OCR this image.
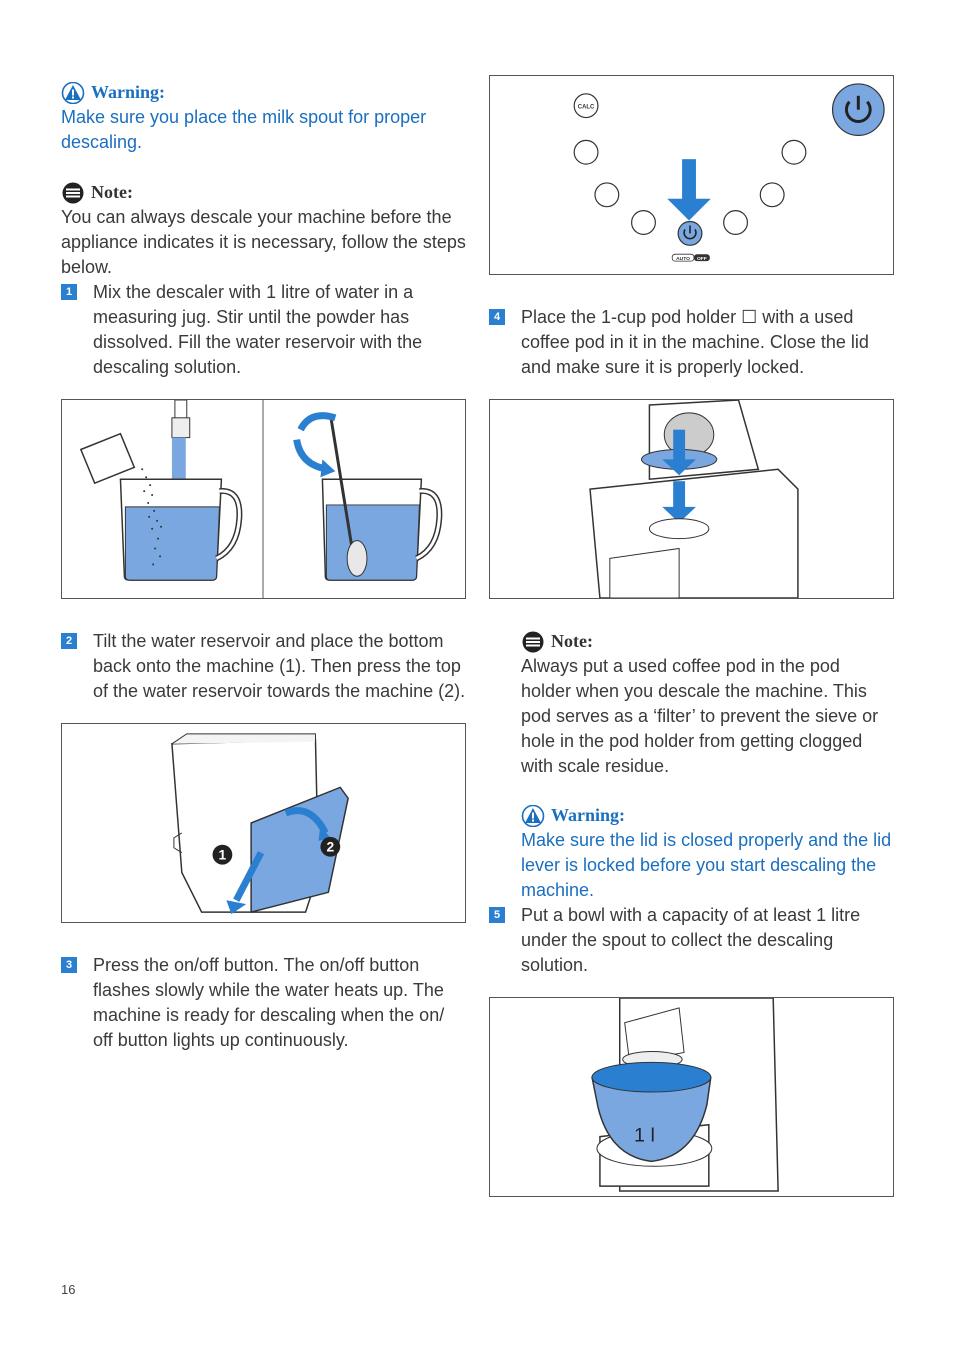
Warning:
Make sure you place the milk spout for proper descaling.
Note:
You can always descale your machine before the appliance indicates it is necessary, follow the steps below.
1 Mix the descaler with 1 litre of water in a measuring jug. Stir until the powder has dissolved. Fill the water reservoir with the descaling solution.
2 Tilt the water reservoir and place the bottom back onto the machine (1). Then press the top of the water reservoir towards the machine (2).
1	2
3 Press the on/off button. The on/off button flashes slowly while the water heats up. The machine is ready for descaling when the on/ off button lights up continuously.
CALC
AUTO OFF
4 Place the 1-cup pod holder ☐ with a used coffee pod in it in the machine. Close the lid and make sure it is properly locked.
Note:
Always put a used coffee pod in the pod holder when you descale the machine. This pod serves as a ‘filter’ to prevent the sieve or hole in the pod holder from getting clogged with scale residue.
Warning:
Make sure the lid is closed properly and the lid lever is locked before you start descaling the machine.
5 Put a bowl with a capacity of at least 1 litre under the spout to collect the descaling solution.
1 l
16
